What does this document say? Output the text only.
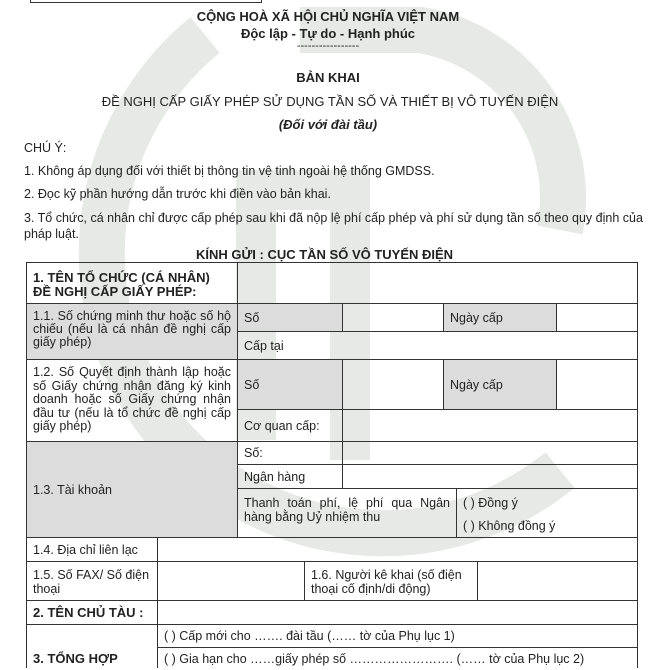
CỘNG HOÀ XÃ HỘI CHỦ NGHĨA VIỆT NAM
Độc lập - Tự do - Hạnh phúc
-----------------
BẢN KHAI
ĐỀ NGHỊ CẤP GIẤY PHÉP SỬ DỤNG TẦN SỐ VÀ THIẾT BỊ VÔ TUYẾN ĐIỆN
(Đối với đài tầu)
CHÚ Ý:
1. Không áp dụng đối với thiết bị thông tin vệ tinh ngoài hệ thống GMDSS.
2. Đọc kỹ phần hướng dẫn trước khi điền vào bản khai.
3. Tổ chức, cá nhân chỉ được cấp phép sau khi đã nộp lệ phí cấp phép và phí sử dụng tần số theo quy định của pháp luật.
KÍNH GỬI : CỤC TẦN SỐ VÔ TUYẾN ĐIỆN
1. TÊN TỔ CHỨC (CÁ NHÂN) ĐỀ NGHỊ CẤP GIẤY PHÉP:
1.1. Số chứng minh thư hoặc số hộ chiếu (nếu là cá nhân đề nghị cấp giấy phép)
Số	Ngày cấp
Cấp tại
1.2. Số Quyết định thành lập hoặc số Giấy chứng nhận đăng ký kinh doanh hoặc số Giấy chứng nhận đầu tư (nếu là tổ chức đề nghị cấp giấy phép)
Số	Ngày cấp
Cơ quan cấp:
1.3. Tài khoản
Số:
Ngân hàng
Thanh toán phí, lệ phí qua Ngân hàng bằng Uỷ nhiệm thu
( ) Đồng ý
( ) Không đồng ý
1.4. Địa chỉ liên lạc
1.5. Số FAX/ Số điện thoại
1.6. Người kê khai (số điện thoại cố định/di động)
2. TÊN CHỦ TÀU :
3. TỔNG HỢP
( ) Cấp mới cho ……. đài tầu (…… tờ của Phụ lục 1)
( ) Gia hạn cho ……giấy phép số ……………………. (…… tờ của Phụ lục 2)
